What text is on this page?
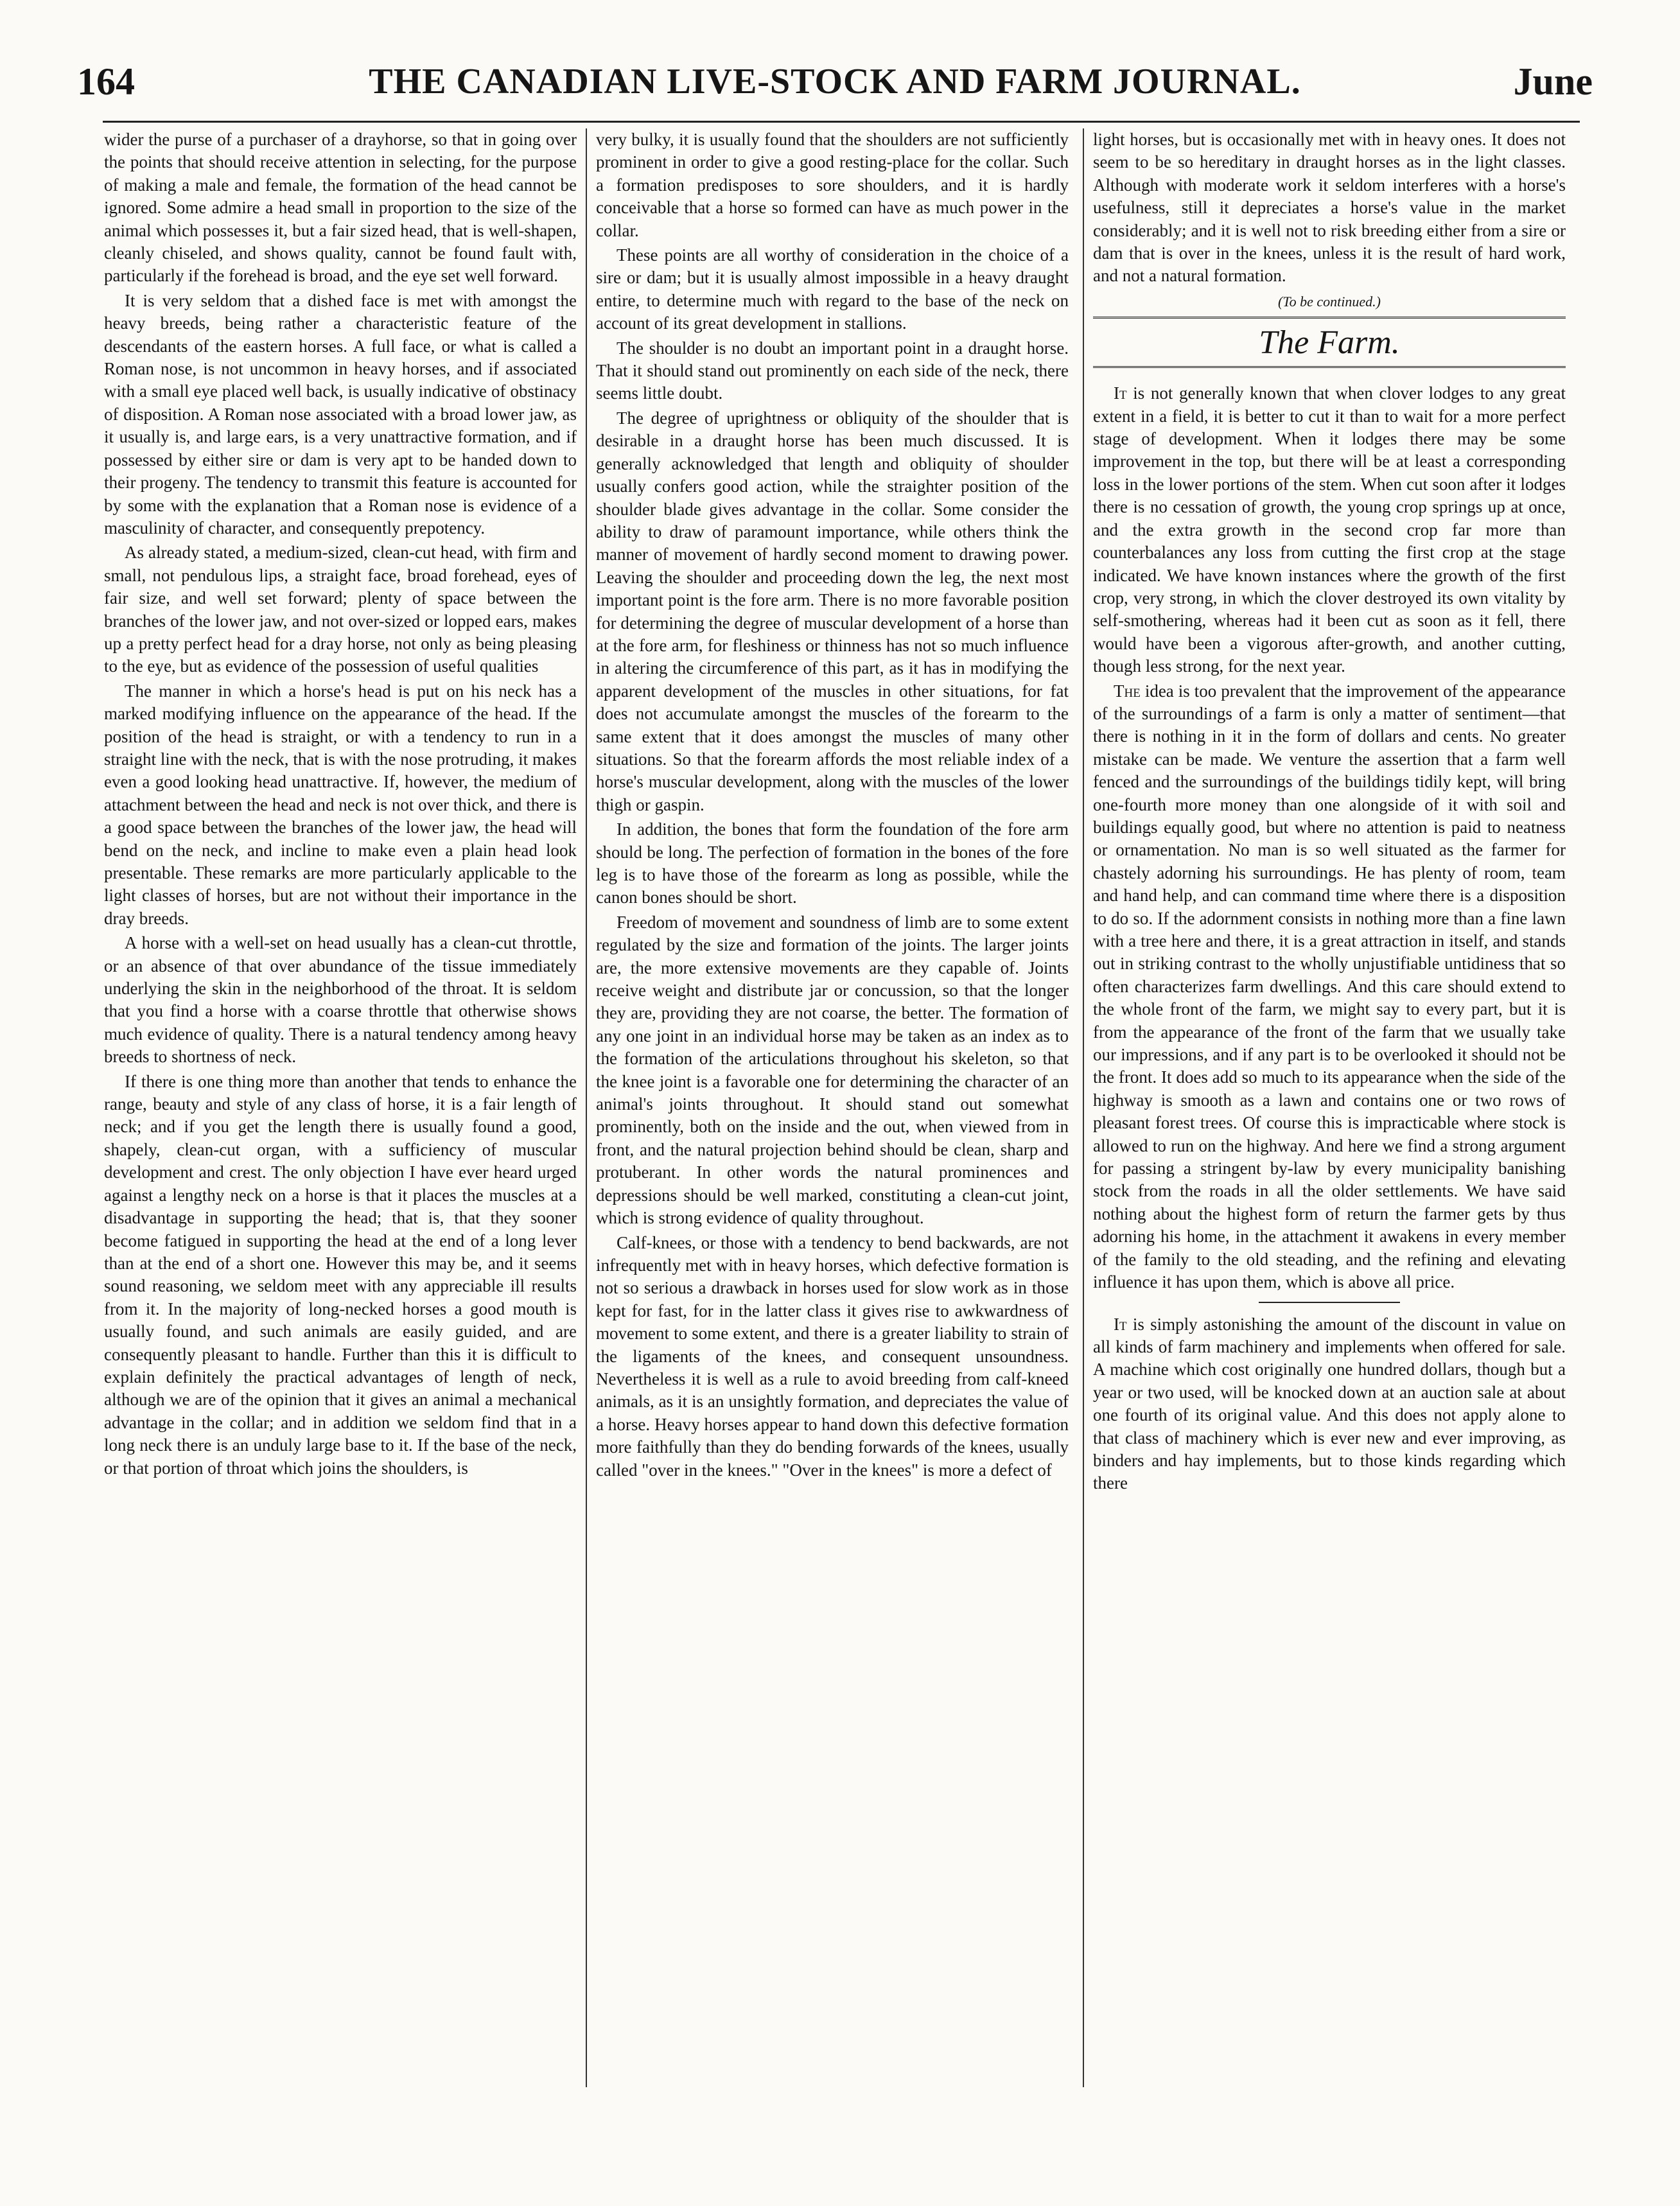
164	THE CANADIAN LIVE-STOCK AND FARM JOURNAL.	June

wider the purse of a purchaser of a drayhorse, so that in going over the points that should receive attention in selecting, for the purpose of making a male and female, the formation of the head cannot be ignored. Some admire a head small in proportion to the size of the animal which possesses it, but a fair sized head, that is well-shapen, cleanly chiseled, and shows quality, cannot be found fault with, particularly if the forehead is broad, and the eye set well forward.

It is very seldom that a dished face is met with amongst the heavy breeds, being rather a characteristic feature of the descendants of the eastern horses. A full face, or what is called a Roman nose, is not uncommon in heavy horses, and if associated with a small eye placed well back, is usually indicative of obstinacy of disposition. A Roman nose associated with a broad lower jaw, as it usually is, and large ears, is a very unattractive formation, and if possessed by either sire or dam is very apt to be handed down to their progeny. The tendency to transmit this feature is accounted for by some with the explanation that a Roman nose is evidence of a masculinity of character, and consequently prepotency.

As already stated, a medium-sized, clean-cut head, with firm and small, not pendulous lips, a straight face, broad forehead, eyes of fair size, and well set forward; plenty of space between the branches of the lower jaw, and not over-sized or lopped ears, makes up a pretty perfect head for a dray horse, not only as being pleasing to the eye, but as evidence of the possession of useful qualities

The manner in which a horse's head is put on his neck has a marked modifying influence on the appearance of the head. If the position of the head is straight, or with a tendency to run in a straight line with the neck, that is with the nose protruding, it makes even a good looking head unattractive. If, however, the medium of attachment between the head and neck is not over thick, and there is a good space between the branches of the lower jaw, the head will bend on the neck, and incline to make even a plain head look presentable. These remarks are more particularly applicable to the light classes of horses, but are not without their importance in the dray breeds.

A horse with a well-set on head usually has a clean-cut throttle, or an absence of that over abundance of the tissue immediately underlying the skin in the neighborhood of the throat. It is seldom that you find a horse with a coarse throttle that otherwise shows much evidence of quality. There is a natural tendency among heavy breeds to shortness of neck.

If there is one thing more than another that tends to enhance the range, beauty and style of any class of horse, it is a fair length of neck; and if you get the length there is usually found a good, shapely, clean-cut organ, with a sufficiency of muscular development and crest. The only objection I have ever heard urged against a lengthy neck on a horse is that it places the muscles at a disadvantage in supporting the head; that is, that they sooner become fatigued in supporting the head at the end of a long lever than at the end of a short one. However this may be, and it seems sound reasoning, we seldom meet with any appreciable ill results from it. In the majority of long-necked horses a good mouth is usually found, and such animals are easily guided, and are consequently pleasant to handle. Further than this it is difficult to explain definitely the practical advantages of length of neck, although we are of the opinion that it gives an animal a mechanical advantage in the collar; and in addition we seldom find that in a long neck there is an unduly large base to it. If the base of the neck, or that portion of throat which joins the shoulders, is

very bulky, it is usually found that the shoulders are not sufficiently prominent in order to give a good resting-place for the collar. Such a formation predisposes to sore shoulders, and it is hardly conceivable that a horse so formed can have as much power in the collar.

These points are all worthy of consideration in the choice of a sire or dam; but it is usually almost impossible in a heavy draught entire, to determine much with regard to the base of the neck on account of its great development in stallions.

The shoulder is no doubt an important point in a draught horse. That it should stand out prominently on each side of the neck, there seems little doubt.

The degree of uprightness or obliquity of the shoulder that is desirable in a draught horse has been much discussed. It is generally acknowledged that length and obliquity of shoulder usually confers good action, while the straighter position of the shoulder blade gives advantage in the collar. Some consider the ability to draw of paramount importance, while others think the manner of movement of hardly second moment to drawing power. Leaving the shoulder and proceeding down the leg, the next most important point is the fore arm. There is no more favorable position for determining the degree of muscular development of a horse than at the fore arm, for fleshiness or thinness has not so much influence in altering the circumference of this part, as it has in modifying the apparent development of the muscles in other situations, for fat does not accumulate amongst the muscles of the forearm to the same extent that it does amongst the muscles of many other situations. So that the forearm affords the most reliable index of a horse's muscular development, along with the muscles of the lower thigh or gaspin.

In addition, the bones that form the foundation of the fore arm should be long. The perfection of formation in the bones of the fore leg is to have those of the forearm as long as possible, while the canon bones should be short.

Freedom of movement and soundness of limb are to some extent regulated by the size and formation of the joints. The larger joints are, the more extensive movements are they capable of. Joints receive weight and distribute jar or concussion, so that the longer they are, providing they are not coarse, the better. The formation of any one joint in an individual horse may be taken as an index as to the formation of the articulations throughout his skeleton, so that the knee joint is a favorable one for determining the character of an animal's joints throughout. It should stand out somewhat prominently, both on the inside and the out, when viewed from in front, and the natural projection behind should be clean, sharp and protuberant. In other words the natural prominences and depressions should be well marked, constituting a clean-cut joint, which is strong evidence of quality throughout.

Calf-knees, or those with a tendency to bend backwards, are not infrequently met with in heavy horses, which defective formation is not so serious a drawback in horses used for slow work as in those kept for fast, for in the latter class it gives rise to awkwardness of movement to some extent, and there is a greater liability to strain of the ligaments of the knees, and consequent unsoundness. Nevertheless it is well as a rule to avoid breeding from calf-kneed animals, as it is an unsightly formation, and depreciates the value of a horse. Heavy horses appear to hand down this defective formation more faithfully than they do bending forwards of the knees, usually called "over in the knees." "Over in the knees" is more a defect of

light horses, but is occasionally met with in heavy ones. It does not seem to be so hereditary in draught horses as in the light classes. Although with moderate work it seldom interferes with a horse's usefulness, still it depreciates a horse's value in the market considerably; and it is well not to risk breeding either from a sire or dam that is over in the knees, unless it is the result of hard work, and not a natural formation.

(To be continued.)
The Farm.

It is not generally known that when clover lodges to any great extent in a field, it is better to cut it than to wait for a more perfect stage of development. When it lodges there may be some improvement in the top, but there will be at least a corresponding loss in the lower portions of the stem. When cut soon after it lodges there is no cessation of growth, the young crop springs up at once, and the extra growth in the second crop far more than counterbalances any loss from cutting the first crop at the stage indicated. We have known instances where the growth of the first crop, very strong, in which the clover destroyed its own vitality by self-smothering, whereas had it been cut as soon as it fell, there would have been a vigorous after-growth, and another cutting, though less strong, for the next year.

The idea is too prevalent that the improvement of the appearance of the surroundings of a farm is only a matter of sentiment—that there is nothing in it in the form of dollars and cents. No greater mistake can be made. We venture the assertion that a farm well fenced and the surroundings of the buildings tidily kept, will bring one-fourth more money than one alongside of it with soil and buildings equally good, but where no attention is paid to neatness or ornamentation. No man is so well situated as the farmer for chastely adorning his surroundings. He has plenty of room, team and hand help, and can command time where there is a disposition to do so. If the adornment consists in nothing more than a fine lawn with a tree here and there, it is a great attraction in itself, and stands out in striking contrast to the wholly unjustifiable untidiness that so often characterizes farm dwellings. And this care should extend to the whole front of the farm, we might say to every part, but it is from the appearance of the front of the farm that we usually take our impressions, and if any part is to be overlooked it should not be the front. It does add so much to its appearance when the side of the highway is smooth as a lawn and contains one or two rows of pleasant forest trees. Of course this is impracticable where stock is allowed to run on the highway. And here we find a strong argument for passing a stringent by-law by every municipality banishing stock from the roads in all the older settlements. We have said nothing about the highest form of return the farmer gets by thus adorning his home, in the attachment it awakens in every member of the family to the old steading, and the refining and elevating influence it has upon them, which is above all price.

It is simply astonishing the amount of the discount in value on all kinds of farm machinery and implements when offered for sale. A machine which cost originally one hundred dollars, though but a year or two used, will be knocked down at an auction sale at about one fourth of its original value. And this does not apply alone to that class of machinery which is ever new and ever improving, as binders and hay implements, but to those kinds regarding which there
